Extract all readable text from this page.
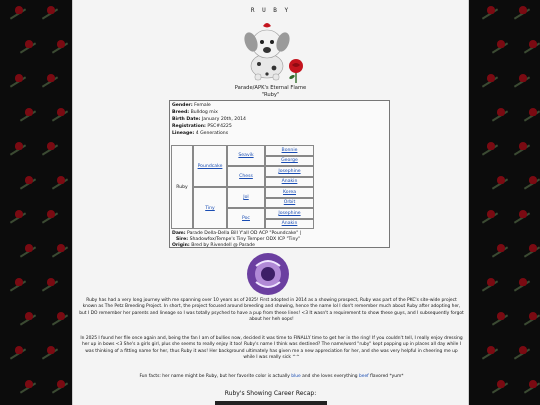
R U B Y
Parade/APK's Eternal Flame
"Ruby"
Gender: Female
Breed: Bulldog mix
Birth Date: January 20th, 2014
Registration: PSC#4225
Lineage: 4 Generations
Ruby
Poundcake
Tiny
Seavik
Chess
Jol
Poc
Bonnie
George
Josephine
Anakin
Korea
Orbit
Josephine
Anakin
Dam: Parade Della-Della Bill Y'all OD ACP "Poundcake" |
Sire: Shadowfox/Tempe's Tiny Temper ODX ICP "Tiny"
Origin: Bred by Rivendell @ Parade
Ruby has had a very long journey with me spanning over 10 years as of 2025! First adopted in 2014 as a showing prospect, Ruby was part of the PKC's site-wide project known as The Petz Breeding Project. In short, the project focused around breeding and showing, hence the name lol I don't remember much about Ruby after adopting her, but I DO remember her parents and lineage so I was totally psyched to have a pup from these lines! <3 It wasn't a requirement to show these guys, and I subsequently forgot about her heh oops!
In 2025 I found her file once again and, being the fan I am of bullies now, decided it was time to FINALLY time to get her in the ring! If you couldn't tell, I really enjoy dressing her up in bows <3 She's a girls girl, plus she seems to really enjoy it too! Ruby's name I think was destined? The name/word "ruby" kept popping up in places all day while I was thinking of a fitting name for her, thus Ruby it was! Her background ultimately has given me a new appreciation for her, and she was very helpful in cheering me up while I was really sick ^^
Fun facts: her name might be Ruby, but her favorite color is actually blue and she loves everything beef flavored *yum*
Ruby's Showing Career Recap:
